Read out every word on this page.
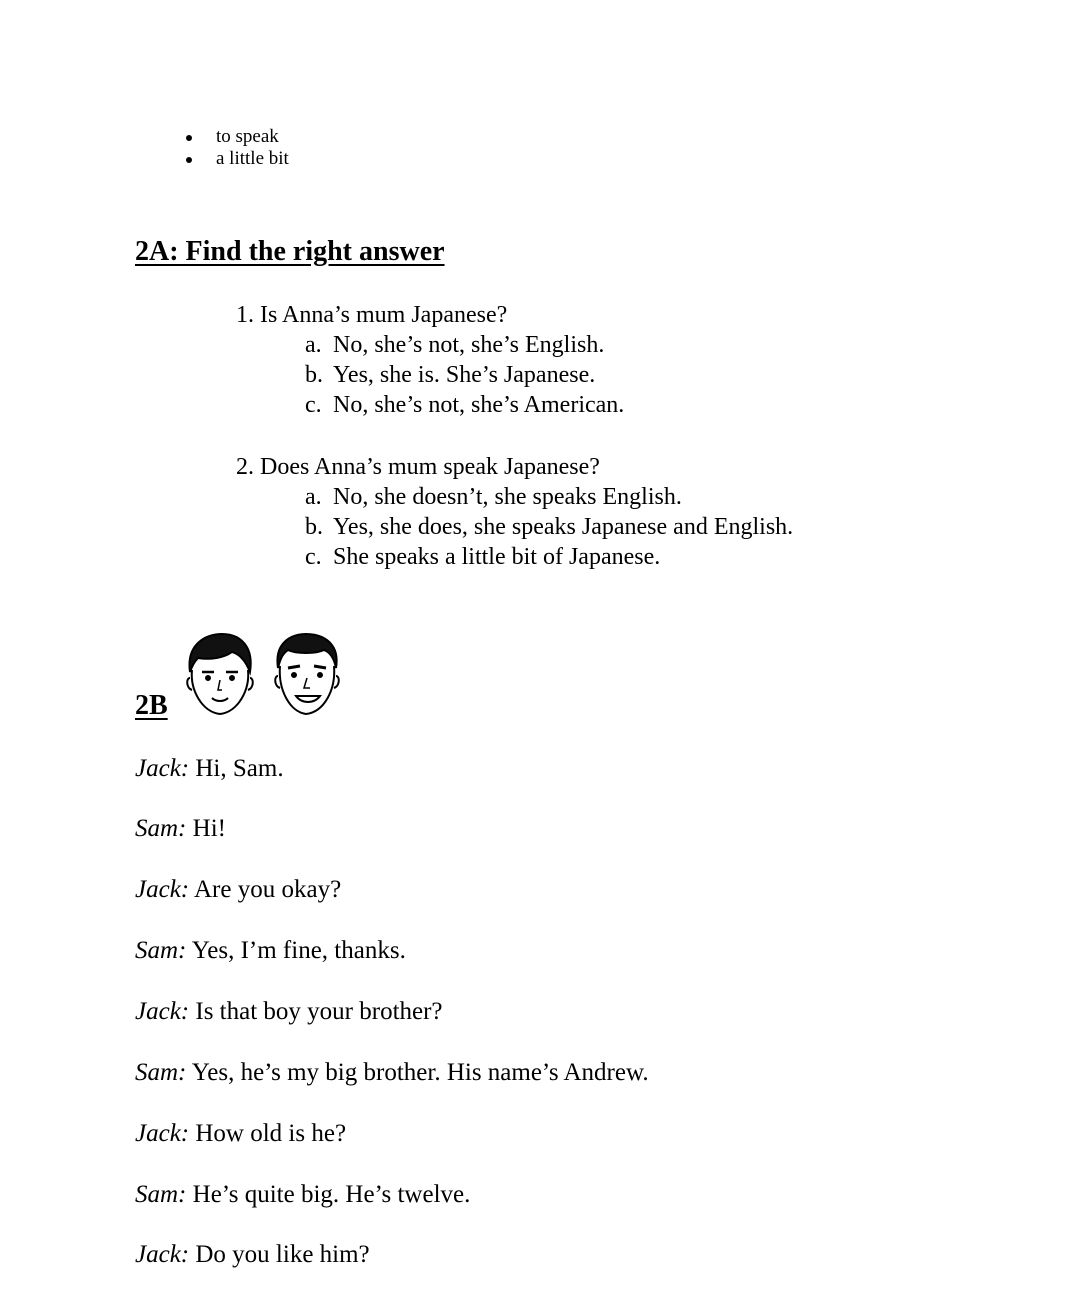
to speak
a little bit
2A: Find the right answer
1. Is Anna’s mum Japanese?
a. No, she’s not, she’s English.
b. Yes, she is. She’s Japanese.
c. No, she’s not, she’s American.
2. Does Anna’s mum speak Japanese?
a. No, she doesn’t, she speaks English.
b. Yes, she does, she speaks Japanese and English.
c. She speaks a little bit of Japanese.
2B
Jack: Hi, Sam.
Sam: Hi!
Jack: Are you okay?
Sam: Yes, I’m fine, thanks.
Jack: Is that boy your brother?
Sam: Yes, he’s my big brother. His name’s Andrew.
Jack: How old is he?
Sam: He’s quite big. He’s twelve.
Jack: Do you like him?
